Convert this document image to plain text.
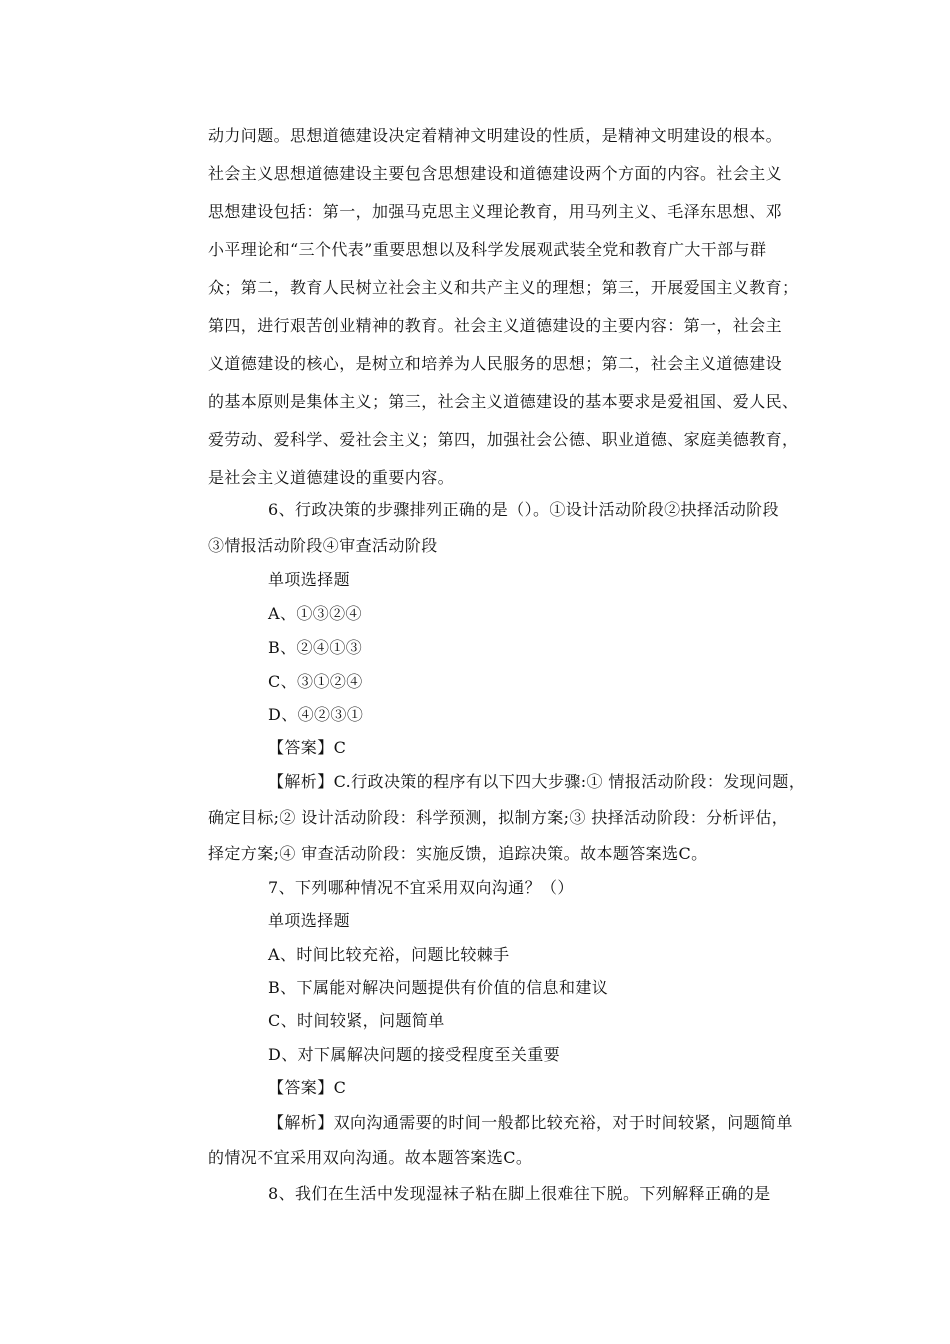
动力问题。思想道德建设决定着精神文明建设的性质，是精神文明建设的根本。
社会主义思想道德建设主要包含思想建设和道德建设两个方面的内容。社会主义
思想建设包括：第一，加强马克思主义理论教育，用马列主义、毛泽东思想、邓
小平理论和“三个代表”重要思想以及科学发展观武装全党和教育广大干部与群
众；第二，教育人民树立社会主义和共产主义的理想；第三，开展爱国主义教育；
第四，进行艰苦创业精神的教育。社会主义道德建设的主要内容：第一，社会主
义道德建设的核心，是树立和培养为人民服务的思想；第二，社会主义道德建设
的基本原则是集体主义；第三，社会主义道德建设的基本要求是爱祖国、爱人民、
爱劳动、爱科学、爱社会主义；第四，加强社会公德、职业道德、家庭美德教育，
是社会主义道德建设的重要内容。
6、行政决策的步骤排列正确的是（）。①设计活动阶段②抉择活动阶段
③情报活动阶段④审查活动阶段
单项选择题
A、①③②④
B、②④①③
C、③①②④
D、④②③①
【答案】C
【解析】C.行政决策的程序有以下四大步骤:① 情报活动阶段：发现问题，
确定目标;② 设计活动阶段：科学预测，拟制方案;③ 抉择活动阶段：分析评估，
择定方案;④ 审查活动阶段：实施反馈，追踪决策。故本题答案选C。
7、下列哪种情况不宜采用双向沟通？（）
单项选择题
A、时间比较充裕，问题比较棘手
B、下属能对解决问题提供有价值的信息和建议
C、时间较紧，问题简单
D、对下属解决问题的接受程度至关重要
【答案】C
【解析】双向沟通需要的时间一般都比较充裕，对于时间较紧，问题简单
的情况不宜采用双向沟通。故本题答案选C。
8、我们在生活中发现湿袜子粘在脚上很难往下脱。下列解释正确的是
